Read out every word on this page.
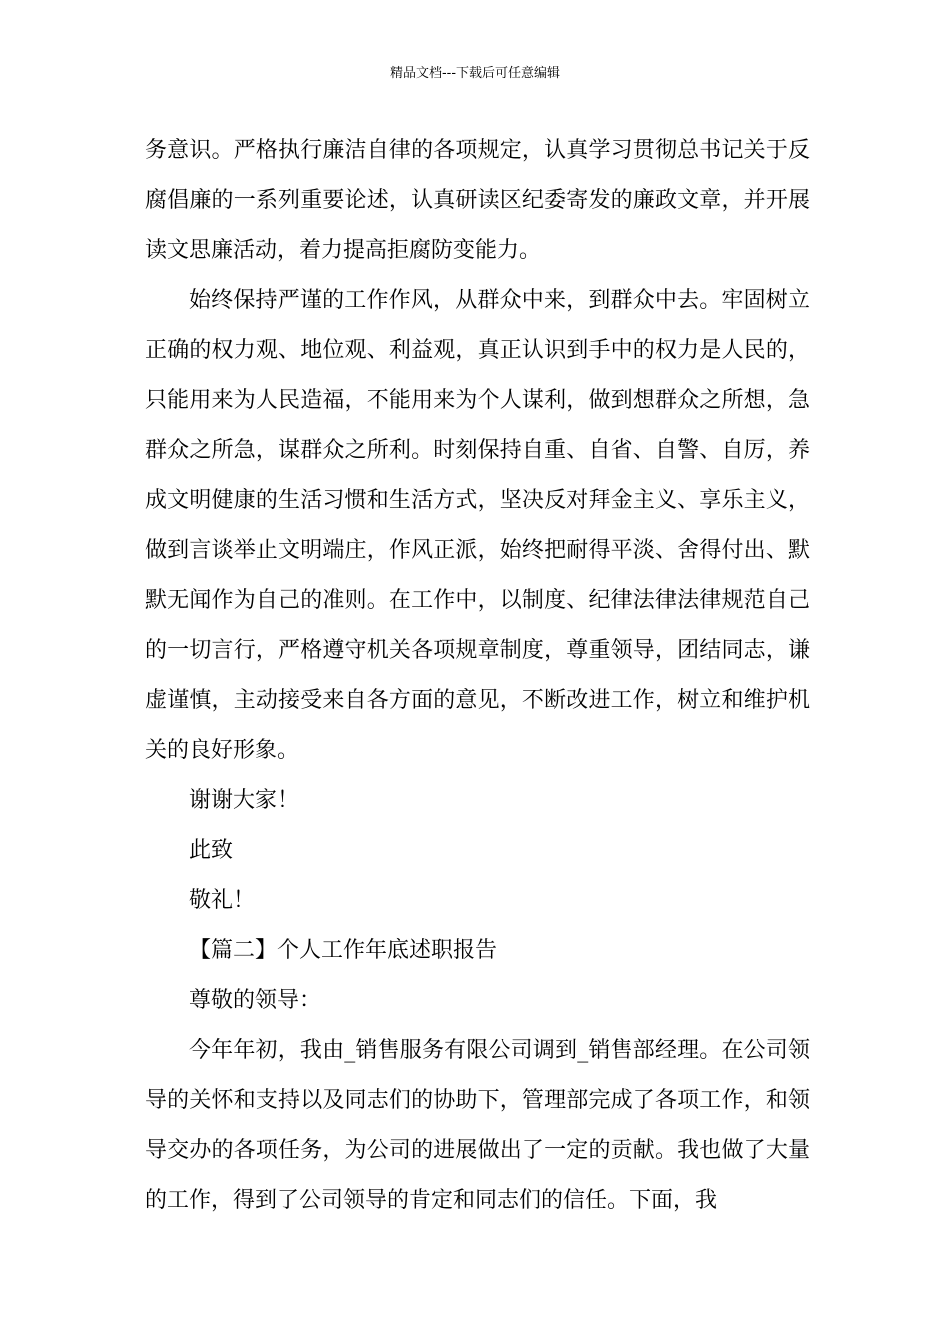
精品文档---下载后可任意编辑

务意识。严格执行廉洁自律的各项规定，认真学习贯彻总书记关于反腐倡廉的一系列重要论述，认真研读区纪委寄发的廉政文章，并开展读文思廉活动，着力提高拒腐防变能力。

始终保持严谨的工作作风，从群众中来，到群众中去。牢固树立正确的权力观、地位观、利益观，真正认识到手中的权力是人民的，只能用来为人民造福，不能用来为个人谋利，做到想群众之所想，急群众之所急，谋群众之所利。时刻保持自重、自省、自警、自厉，养成文明健康的生活习惯和生活方式，坚决反对拜金主义、享乐主义，做到言谈举止文明端庄，作风正派，始终把耐得平淡、舍得付出、默默无闻作为自己的准则。在工作中，以制度、纪律法律法律规范自己的一切言行，严格遵守机关各项规章制度，尊重领导，团结同志，谦虚谨慎，主动接受来自各方面的意见，不断改进工作，树立和维护机关的良好形象。

谢谢大家！

此致

敬礼！

【篇二】个人工作年底述职报告

尊敬的领导：

今年年初，我由_销售服务有限公司调到_销售部经理。在公司领导的关怀和支持以及同志们的协助下，管理部完成了各项工作，和领导交办的各项任务，为公司的进展做出了一定的贡献。我也做了大量的工作，得到了公司领导的肯定和同志们的信任。下面，我
